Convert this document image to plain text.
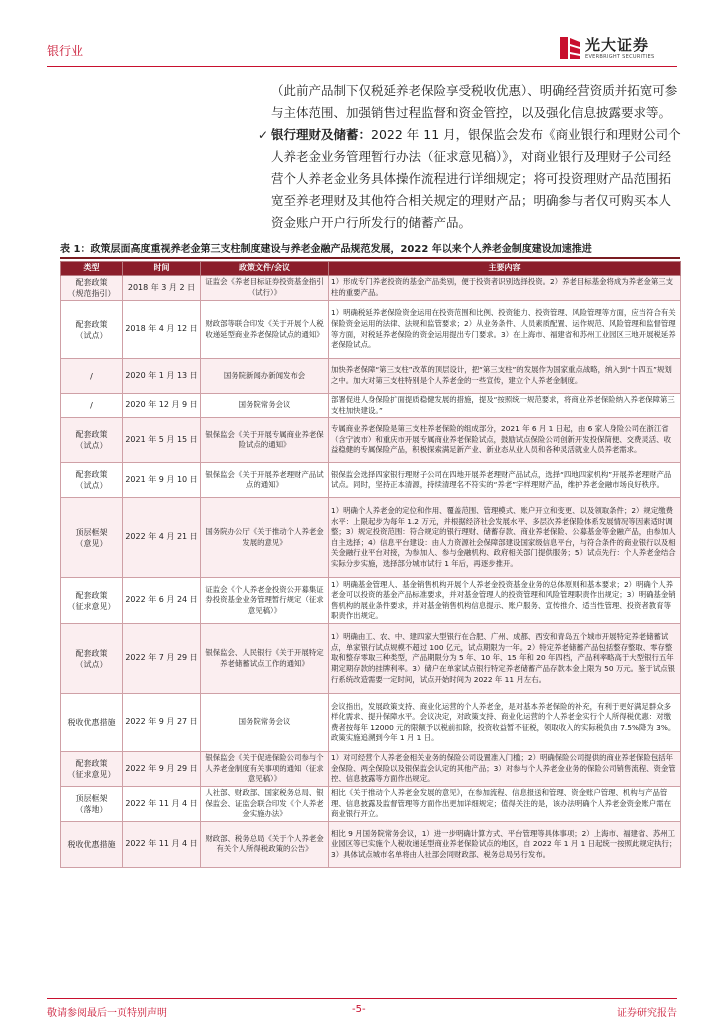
银行业	光大证券
EVERBRIGHT SECURITIES
（此前产品制下仅税延养老保险享受税收优惠）、明确经营资质并拓宽可参与主体范围、加强销售过程监督和资金管控，以及强化信息披露要求等。
✓ 银行理财及储蓄：2022 年 11 月，银保监会发布《商业银行和理财公司个人养老金业务管理暂行办法（征求意见稿）》，对商业银行及理财子公司经营个人养老金业务具体操作流程进行详细规定；将可投资理财产品范围拓宽至养老理财及其他符合相关规定的理财产品；明确参与者仅可购买本人资金账户开户行所发行的储蓄产品。
表 1：政策层面高度重视养老金第三支柱制度建设与养老金融产品规范发展，2022 年以来个人养老金制度建设加速推进
类型	时间	政策文件/会议	主要内容
配套政策
（规范指引）	2018 年 3 月 2 日	证监会《养老目标证券投资基金指引（试行）》	1）形成专门养老投资的基金产品类别，便于投资者识别选择投资。2）养老目标基金将成为养老金第三支柱的重要产品。
配套政策
（试点）	2018 年 4 月 12 日	财政部等联合印发《关于开展个人税收递延型商业养老保险试点的通知》	1）明确税延养老保险资金运用在投资范围和比例、投资能力、投资管理、风险管理等方面，应当符合有关保险资金运用的法律、法规和监管要求；2）从业务条件、人员素质配置、运作规范、风险管理和监督管理等方面，对税延养老保险的资金运用提出专门要求。3）在上海市、福建省和苏州工业园区三地开展税延养老保险试点。
/	2020 年 1 月 13 日	国务院新闻办新闻发布会	加快养老保障“第三支柱”改革的顶层设计，把“第三支柱”的发展作为国家重点战略，纳入到“十四五”规划之中。加大对第三支柱特别是个人养老金的一些宣传，建立个人养老金制度。
/	2020 年 12 月 9 日	国务院常务会议	部署促进人身保险扩面提质稳健发展的措施，提及“按照统一规范要求，将商业养老保险纳入养老保障第三支柱加快建设。”
配套政策
（试点）	2021 年 5 月 15 日	银保监会《关于开展专属商业养老保险试点的通知》	专属商业养老保险是第三支柱养老保险的组成部分，2021 年 6 月 1 日起，由 6 家人身险公司在浙江省（含宁波市）和重庆市开展专属商业养老保险试点，鼓励试点保险公司创新开发投保简便、交费灵活、收益稳健的专属保险产品，积极探索满足新产业、新业态从业人员和各种灵活就业人员养老需求。
配套政策
（试点）	2021 年 9 月 10 日	银保监会《关于开展养老理财产品试点的通知》	银保监会选择四家银行理财子公司在四地开展养老理财产品试点，选择“四地四家机构”开展养老理财产品试点。同时，坚持正本清源，持续清理名不符实的“养老”字样理财产品，维护养老金融市场良好秩序。
顶层框架
（意见）	2022 年 4 月 21 日	国务院办公厅《关于推动个人养老金发展的意见》	1）明确个人养老金的定位和作用、覆盖范围、管理模式、账户开立和变更、以及领取条件；2）规定缴费水平：上限起步为每年 1.2 万元，并根据经济社会发展水平、多层次养老保险体系发展情况等因素适时调整；3）规定投资范围：符合规定的银行理财、储蓄存款、商业养老保险、公募基金等金融产品，由参加人自主选择；4）信息平台建设：由人力资源社会保障部建设国家级信息平台，与符合条件的商业银行以及相关金融行业平台对接，为参加人、参与金融机构、政府相关部门提供服务；5）试点先行：个人养老金结合实际分步实施，选择部分城市试行 1 年后，再逐步推开。
配套政策
（征求意见）	2022 年 6 月 24 日	证监会《个人养老金投资公开募集证券投资基金业务管理暂行规定（征求意见稿）》	1）明确基金管理人、基金销售机构开展个人养老金投资基金业务的总体原则和基本要求；2）明确个人养老金可以投资的基金产品标准要求，并对基金管理人的投资管理和风险管理职责作出规定；3）明确基金销售机构的展业条件要求，并对基金销售机构信息提示、账户服务、宣传推介、适当性管理、投资者教育等职责作出规定。
配套政策
（试点）	2022 年 7 月 29 日	银保监会、人民银行《关于开展特定养老储蓄试点工作的通知》	1）明确由工、农、中、建四家大型银行在合肥、广州、成都、西安和青岛五个城市开展特定养老储蓄试点，单家银行试点规模不超过 100 亿元，试点期限为一年。2）特定养老储蓄产品包括整存整取、零存整取和整存零取三种类型，产品期限分为 5 年、10 年、15 年和 20 年四档，产品利率略高于大型银行五年期定期存款的挂牌利率。3）储户在单家试点银行特定养老储蓄产品存款本金上限为 50 万元。鉴于试点银行系统改造需要一定时间，试点开始时间为 2022 年 11 月左右。
税收优惠措施	2022 年 9 月 27 日	国务院常务会议	会议指出，发展政策支持、商业化运营的个人养老金，是对基本养老保险的补充，有利于更好满足群众多样化需求、提升保障水平。会议决定，对政策支持、商业化运营的个人养老金实行个人所得税优惠：对缴费者按每年 12000 元的限额予以税前扣除，投资收益暂不征税，领取收入的实际税负由 7.5%降为 3%。政策实施追溯到今年 1 月 1 日。
配套政策
（征求意见）	2022 年 9 月 29 日	银保监会《关于促进保险公司参与个人养老金制度有关事项的通知（征求意见稿）》	1）对可经营个人养老金相关业务的保险公司设置准入门槛；2）明确保险公司提供的商业养老保险包括年金保险、两全保险以及银保监会认定的其他产品；3）对参与个人养老金业务的保险公司销售流程、资金管控、信息披露等方面作出规定。
顶层框架
（落地）	2022 年 11 月 4 日	人社部、财政部、国家税务总局、银保监会、证监会联合印发《个人养老金实施办法》	相比《关于推动个人养老金发展的意见》，在参加流程、信息报送和管理、资金账户管理、机构与产品管理、信息披露及监督管理等方面作出更加详细规定；值得关注的是，该办法明确个人养老金资金账户需在商业银行开立。
税收优惠措施	2022 年 11 月 4 日	财政部、税务总局《关于个人养老金有关个人所得税政策的公告》	相比 9 月国务院常务会议，1）进一步明确计算方式、平台管理等具体事项；2）上海市、福建省、苏州工业园区等已实施个人税收递延型商业养老保险试点的地区，自 2022 年 1 月 1 日起统一按照此规定执行；3）具体试点城市名单将由人社部会同财政部、税务总局另行发布。
敬请参阅最后一页特别声明	-5-	证券研究报告
